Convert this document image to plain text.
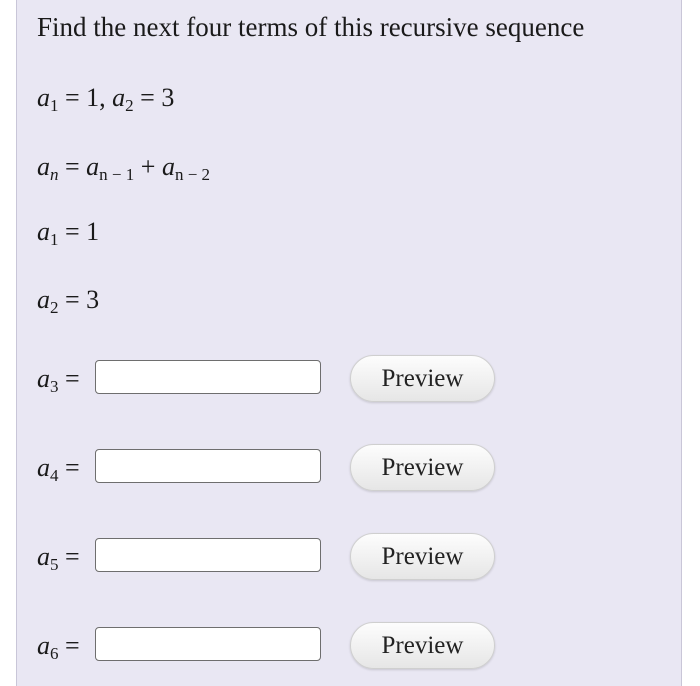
Find the next four terms of this recursive sequence
$a_1 = 1$, $a_2 = 3$
$a_n = a_{n - 1} + a_{n - 2}$
$a_1 = 1$
$a_2 = 3$
$a_3$ =	Preview
$a_4$ =	Preview
$a_5$ =	Preview
$a_6$ =	Preview
